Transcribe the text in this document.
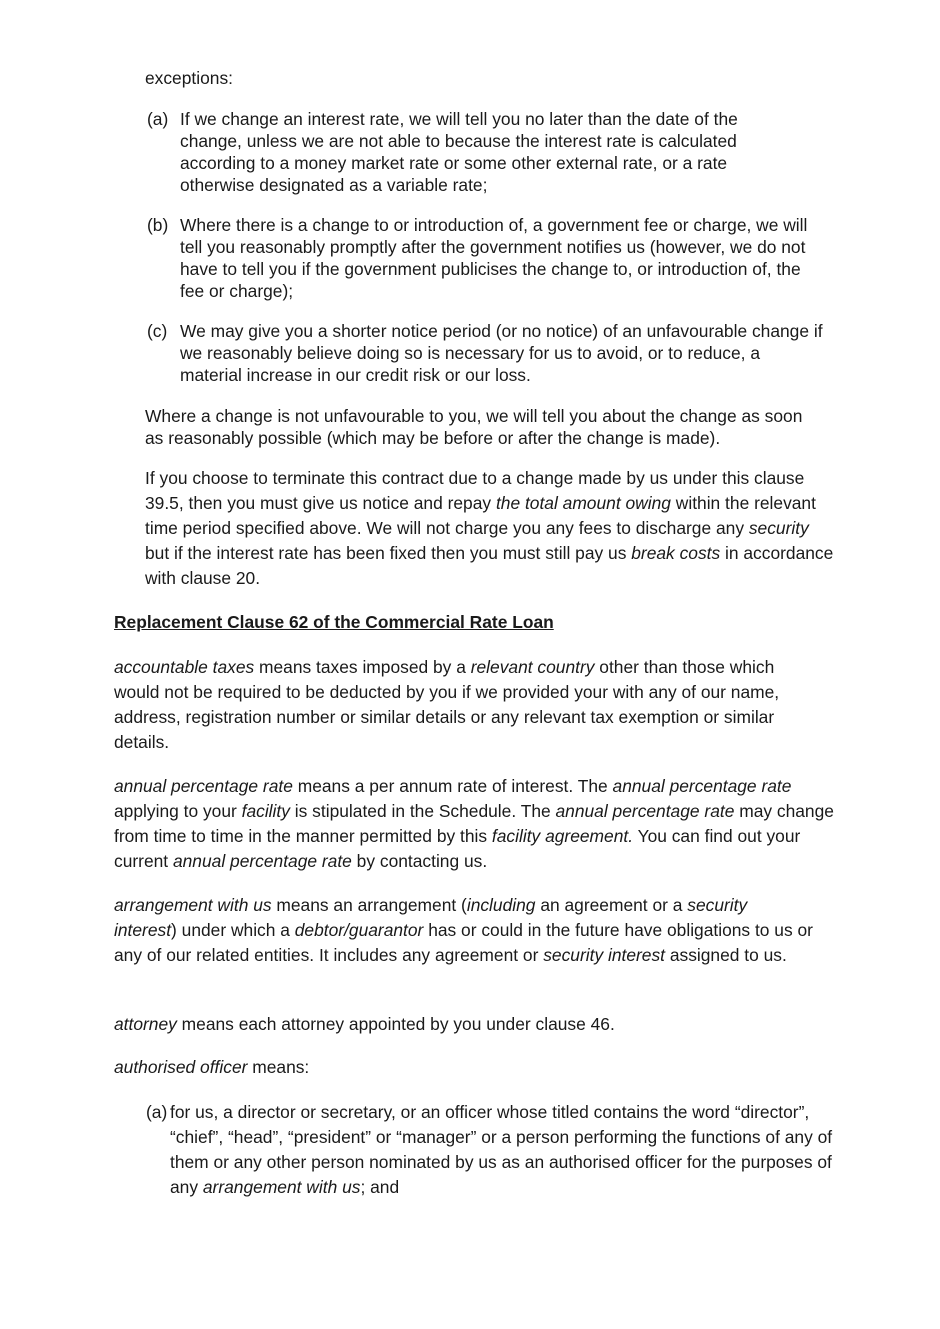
exceptions:

(a) If we change an interest rate, we will tell you no later than the date of the change, unless we are not able to because the interest rate is calculated according to a money market rate or some other external rate, or a rate otherwise designated as a variable rate;
(b) Where there is a change to or introduction of, a government fee or charge, we will tell you reasonably promptly after the government notifies us (however, we do not have to tell you if the government publicises the change to, or introduction of, the fee or charge);
(c) We may give you a shorter notice period (or no notice) of an unfavourable change if we reasonably believe doing so is necessary for us to avoid, or to reduce, a material increase in our credit risk or our loss.

Where a change is not unfavourable to you, we will tell you about the change as soon as reasonably possible (which may be before or after the change is made).

If you choose to terminate this contract due to a change made by us under this clause 39.5, then you must give us notice and repay the total amount owing within the relevant time period specified above. We will not charge you any fees to discharge any security but if the interest rate has been fixed then you must still pay us break costs in accordance with clause 20.

Replacement Clause 62 of the Commercial Rate Loan

accountable taxes means taxes imposed by a relevant country other than those which would not be required to be deducted by you if we provided your with any of our name, address, registration number or similar details or any relevant tax exemption or similar details.

annual percentage rate means a per annum rate of interest. The annual percentage rate applying to your facility is stipulated in the Schedule. The annual percentage rate may change from time to time in the manner permitted by this facility agreement. You can find out your current annual percentage rate by contacting us.

arrangement with us means an arrangement (including an agreement or a security interest) under which a debtor/guarantor has or could in the future have obligations to us or any of our related entities. It includes any agreement or security interest assigned to us.

attorney means each attorney appointed by you under clause 46.

authorised officer means:

(a) for us, a director or secretary, or an officer whose titled contains the word “director”, “chief”, “head”, “president” or “manager” or a person performing the functions of any of them or any other person nominated by us as an authorised officer for the purposes of any arrangement with us; and
